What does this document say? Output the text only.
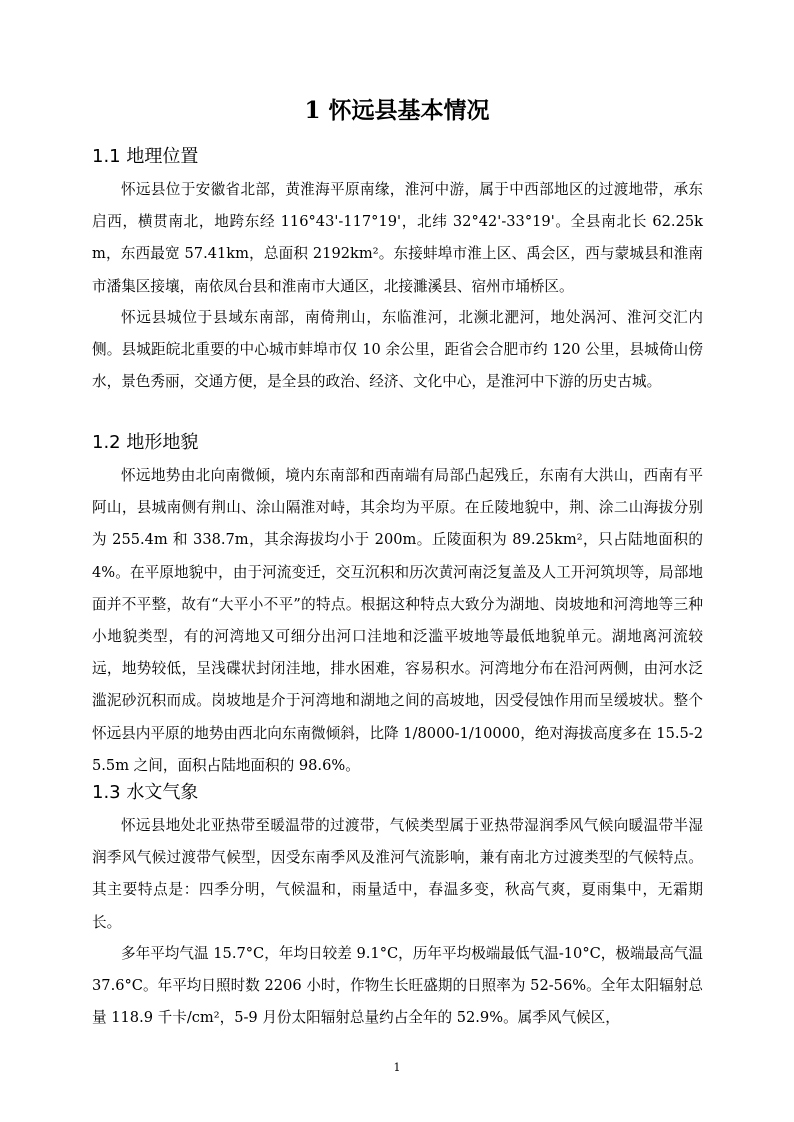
1 怀远县基本情况
1.1 地理位置

怀远县位于安徽省北部，黄淮海平原南缘，淮河中游，属于中西部地区的过渡地带，承东启西，横贯南北，地跨东经 116°43'-117°19'，北纬 32°42'-33°19'。全县南北长 62.25km，东西最宽 57.41km，总面积 2192km²。东接蚌埠市淮上区、禹会区，西与蒙城县和淮南市潘集区接壤，南依凤台县和淮南市大通区，北接濉溪县、宿州市埇桥区。

怀远县城位于县域东南部，南倚荆山，东临淮河，北濒北淝河，地处涡河、淮河交汇内侧。县城距皖北重要的中心城市蚌埠市仅 10 余公里，距省会合肥市约 120 公里，县城倚山傍水，景色秀丽，交通方便，是全县的政治、经济、文化中心，是淮河中下游的历史古城。

1.2 地形地貌

怀远地势由北向南微倾，境内东南部和西南端有局部凸起残丘，东南有大洪山，西南有平阿山，县城南侧有荆山、涂山隔淮对峙，其余均为平原。在丘陵地貌中，荆、涂二山海拔分别为 255.4m 和 338.7m，其余海拔均小于 200m。丘陵面积为 89.25km²，只占陆地面积的 4%。在平原地貌中，由于河流变迁，交互沉积和历次黄河南泛复盖及人工开河筑坝等，局部地面并不平整，故有“大平小不平”的特点。根据这种特点大致分为湖地、岗坡地和河湾地等三种小地貌类型，有的河湾地又可细分出河口洼地和泛滥平坡地等最低地貌单元。湖地离河流较远，地势较低，呈浅碟状封闭洼地，排水困难，容易积水。河湾地分布在沿河两侧，由河水泛滥泥砂沉积而成。岗坡地是介于河湾地和湖地之间的高坡地，因受侵蚀作用而呈缓坡状。整个怀远县内平原的地势由西北向东南微倾斜，比降 1/8000-1/10000，绝对海拔高度多在 15.5-25.5m 之间，面积占陆地面积的 98.6%。

1.3 水文气象

怀远县地处北亚热带至暖温带的过渡带，气候类型属于亚热带湿润季风气候向暖温带半湿润季风气候过渡带气候型，因受东南季风及淮河气流影响，兼有南北方过渡类型的气候特点。其主要特点是：四季分明，气候温和，雨量适中，春温多变，秋高气爽，夏雨集中，无霜期长。

多年平均气温 15.7°C，年均日较差 9.1°C，历年平均极端最低气温-10°C，极端最高气温 37.6°C。年平均日照时数 2206 小时，作物生长旺盛期的日照率为 52-56%。全年太阳辐射总量 118.9 千卡/cm²，5-9 月份太阳辐射总量约占全年的 52.9%。属季风气候区，

1
